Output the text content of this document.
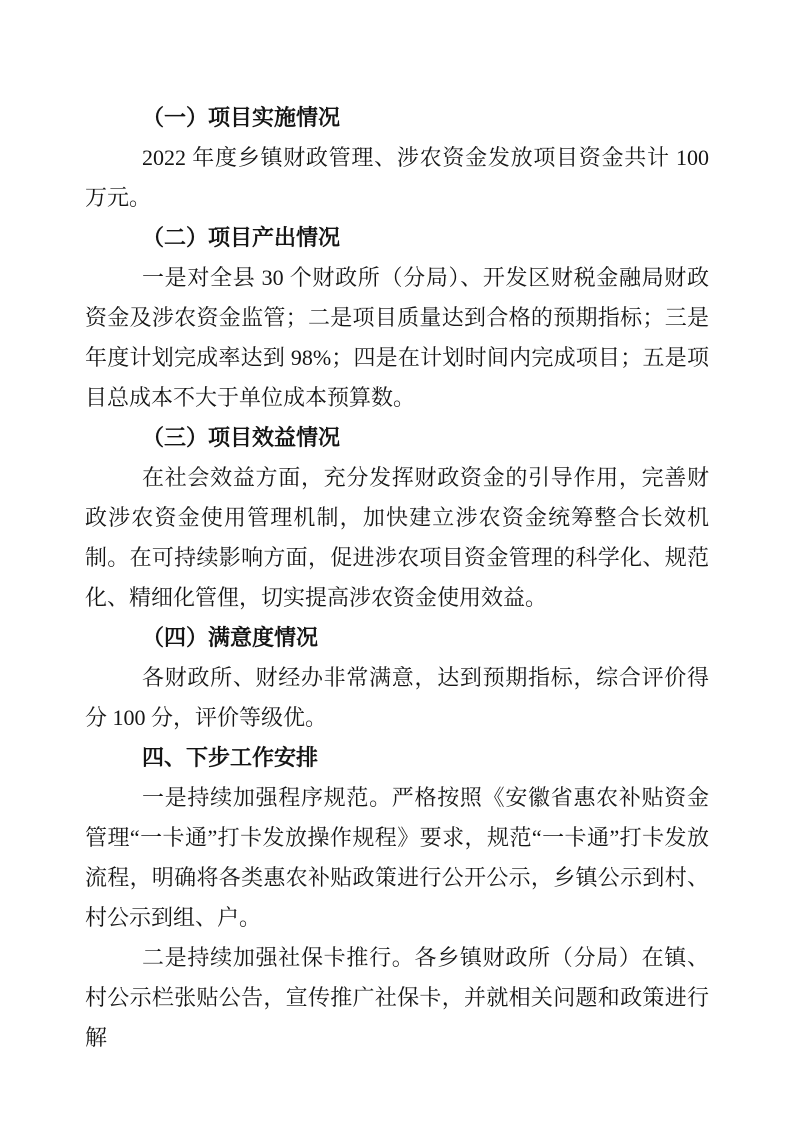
（一）项目实施情况

2022 年度乡镇财政管理、涉农资金发放项目资金共计 100 万元。

（二）项目产出情况

一是对全县 30 个财政所（分局）、开发区财税金融局财政资金及涉农资金监管；二是项目质量达到合格的预期指标；三是年度计划完成率达到 98%；四是在计划时间内完成项目；五是项目总成本不大于单位成本预算数。

（三）项目效益情况

在社会效益方面，充分发挥财政资金的引导作用，完善财政涉农资金使用管理机制，加快建立涉农资金统筹整合长效机制。在可持续影响方面，促进涉农项目资金管理的科学化、规范化、精细化管俚，切实提高涉农资金使用效益。

（四）满意度情况

各财政所、财经办非常满意，达到预期指标，综合评价得分 100 分，评价等级优。

四、下步工作安排

一是持续加强程序规范。严格按照《安徽省惠农补贴资金管理“一卡通”打卡发放操作规程》要求，规范“一卡通”打卡发放流程，明确将各类惠农补贴政策进行公开公示，乡镇公示到村、村公示到组、户。

二是持续加强社保卡推行。各乡镇财政所（分局）在镇、村公示栏张贴公告，宣传推广社保卡，并就相关问题和政策进行解
